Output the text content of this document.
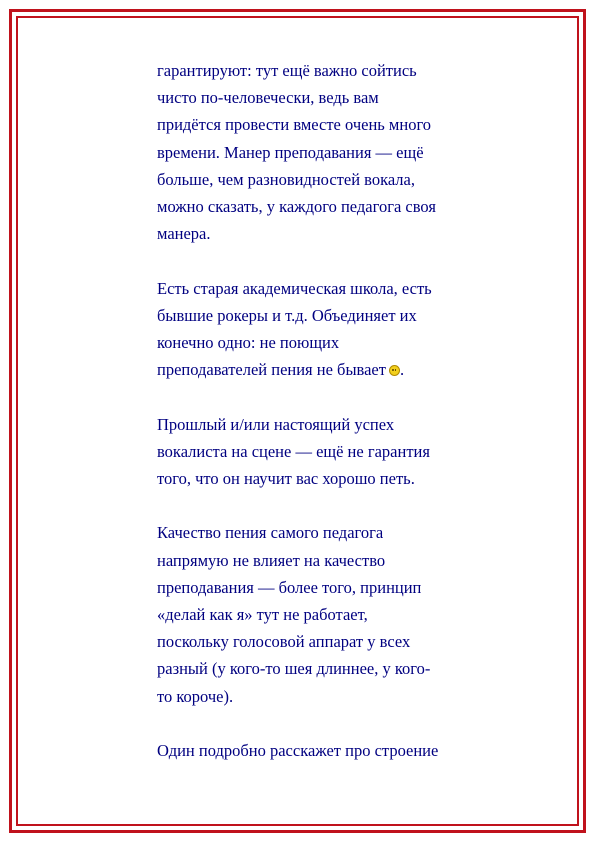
гарантируют: тут ещё важно сойтись
чисто по-человечески, ведь вам
придётся провести вместе очень много
времени. Манер преподавания — ещё
больше, чем разновидностей вокала,
можно сказать, у каждого педагога своя
манера.

Есть старая академическая школа, есть
бывшие рокеры и т.д. Объединяет их
конечно одно: не поющих
преподавателей пения не бывает .

Прошлый и/или настоящий успех
вокалиста на сцене — ещё не гарантия
того, что он научит вас хорошо петь.

Качество пения самого педагога
напрямую не влияет на качество
преподавания — более того, принцип
«делай как я» тут не работает,
поскольку голосовой аппарат у всех
разный (у кого-то шея длиннее, у кого-
то короче).

Один подробно расскажет про строение
